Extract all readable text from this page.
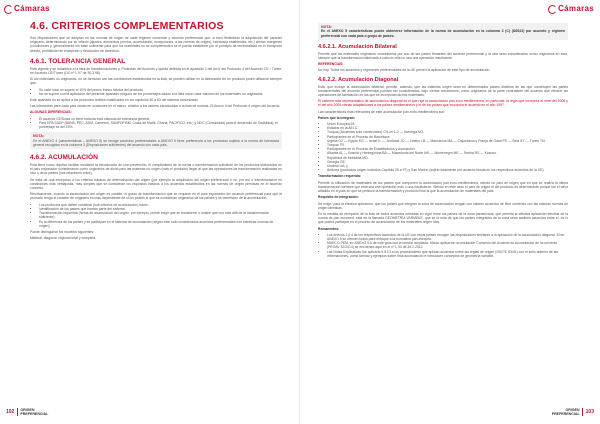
Cámaras
4.6. CRITERIOS COMPLEMENTARIOS

Son disposiciones que se adoptan en las normas de origen de cada régimen comercial y acuerdo preferencial que, si bien flexibilizan la adquisición del carácter originario, determinando por su criterio (ajustes, elementos previos, acumulación, excepciones, a las normas de origen), tolerancia establecida, etc.) ciertos márgenes (condiciones y, generalmente sin base suficiente para que los materiales no se complementen se le pueda establecer por el principio de territorialidad en el transporte directo, prohibición de excepción y devolución de derechos.

4.6.1. TOLERANCIA GENERAL

Está vigente y se establece a la lista de transformaciones y, Protectas del Acuerdo y queda definida en el apartado 2 del Art.6 del Protocolo 4 del Acuerdo CE / Túnez, en Acuerdo CE/Túnez (DO nº L 97 de 30.3.98).

Si los materiales no originarios, no se formulan con las condiciones establecidas en la lista, se pueden utilizar en la fabricación de un producto podrá utilizarse siempre que:

• Su valor total no supere el 10% del precio franco fábrica del producto.
• No se supere con la aplicación del presente apartado ninguno de los porcentajes dados a la lista como valor máximo de los materiales no originarios.

Este apartado no se aplica a los productos textiles clasificados en los capítulos 50 a 63 del sistema armonizado.

Las tolerancias para cada país varían en ocasiones en el marco, relativo a los valores introducidos a la lista de normas. El Anexo II del Protocolo 4 origen del Acuerdo.

ALGUNAS DIFERENCIAS:

• El acuerdo CE/Suiza no tiene incluida esta cláusula de tolerancia general.
• Para EPA SADP (BANS, PEC, ADM, Camerún, SANPOFISM, Costa de Marfil, Ghana, PACIFICO, etc.) y NDC (Comunidad) para el desarrollo de Sudáfrica), el porcentaje es del 15%.
NOTA:

En el ANEXO 4 (características – ANEXO 5) se recoge acuerdos preferenciales a ANEXO 5 tiene preferencia a los productos sujetos a la norma de tolerancia general recogidos en la columna 3 (Disposiciones suficientes) del acuerdo con cada país.

4.6.2. ACUMULACIÓN

Esta tiene como objetivo facilitar mediante la introducción de una prevención, el cumplimiento de la norma o transformación suficiente de los productos elaborados en el país exportador considerando como originarios de dicho país las materias no origen (más el producto) llegar al que las operaciones de transformación realizadas en otro u otros países (sus relaciones entre).

Se trata de una excepción a los criterios básicos de determinación del origen (por ejemplo la adquisición del origen preferencial o no, por así o transformación en condiciones más ventajosas, más simples que se consideran los requisitos básicos a los acuerdos establecidos en las normas de origen previstas en el acuerdo concreto.

Efectivamente, cuando la acumulación del origen es posible, el grado de transformación que se requiere en el país exportador del acuerdo preferencial para que el producto tenga el carácter de originario es más dependiente de si los países sí que se consideran originarios de los países y se beneficien de la acumulación.

• Los productos que deben combinar (sub criterios de acumulación) hacer:
• Identificación de los países que forman parte del sistema.
• Transformación requerida (forma de acumulación del origen, por ejemplo, puede exigir que se transforme o realice que nos más allá de la transformación suficiente).
• Es la diferencia de los países y se participan en el sistema de acumulación (según este sólo considerados acuerdos preferenciales con idénticas normas de origen).

Puede distinguirse los modelos siguientes:

bilateral, diagonal, regional total y completa.

102	ORIGEN
PREFERENCIAL
Cámaras
NOTA:

En el ANEXO 5 características puede obtenerse información de la norma de acumulación en la columna 3 (C) (8/2023) por acuerdo y régimen preferencial con cada país o grupo de países.

4.6.2.1. Acumulación Bilateral

Permite que los materiales originarios comunitarios por uno de las partes firmantes del acuerdo preferencial y la otra sean considerados como originarios en esta, siempre que la transformación fabricada a cabo en ella no sea una operación insuficiente.

REFERENCIAS:

No hay. Todos los acuerdos y regímenes preferenciales de la UE prevén la aplicación de este tipo de acumulación.

4.6.2.2. Acumulación Diagonal

Está, que incluye la acumulación bilateral, permite, además, que las materias origen sean en determinados países distintos de las que constituyen las partes fundamentales del acuerdo preferencial puedan ser considerados, bajo ciertas condiciones, como originarios de la parte contratante del acuerdo que efectúe las operaciones de fabricación en las que se incorporan dichos materiales.

El sistema más representativo de acumulación diagonal es el que rige la acumulación pan-euro-mediterránea, en particular, la regla que incorpora el nivel del 2005 y el del año 2005 ciertas adaptaciones a los países mediterráneos y el de los países que incorpora el acuerdo en el año 1997.

Las características más relevantes de este acumulación pan-euro-mediterránea son:

Países que la integran:

• Unión Europea 28.
• Estados en la AELC.
• Turquía (Acuerdos solo comerciales) CH-ch 1-2 — Noruega NO.
• Participantes en el Proceso de Barcelona:
• Argelia DZ — Egipto EG — Israel IL — Jordania JO — Líbano LB — Marruecos MA — Cisjordania y Franja de Gaza PS — Siria SY — Túnez TN.
• Turquía TR.
• Participantes en el Proceso de Estabilización y Asociación:
• Albania AL — Bosnia y Herzegovina BA — Macedonia del Norte MK — Montenegro ME — Serbia RS — Kosovo.
• República de Moldavia MD.
• Georgia GE.
• Ucrania UA; y
• Andorra (productos origen incluidos Capítulo 25 a 97) y San Marino (sujeto totalmente por acuerdo tienda en los respectivos acuerdos de la CE).

Transformación requerida:

Permite la utilización de materiales de los países que componen la acumulación pan-euro-mediterránea, siendo un país de origen que en que se realiza la última transformación siempre que ésta sea una operación más o una insuficiente. Siendo en este caso el país de origen el del producto es determinante porque fue el valor añadido en el país en que se produce la transformación y producto final al que la acumulación de materiales del país.

Requisito de integración:

Se exige, para la efectiva aplicación, que los países que integran la zona de acumulación tengan con valores acuerdos de libre comercio con las mismas normas de origen idénticas.

En la medida de recepción de la lista de todos acuerdos entradas en vigor entre los países de la zona panafricana, que permita la efectiva aplicación efectiva de la norma de pan-euromed, está en la llamada GEOMETRÍA VARIABLE, que se la nota de que los países integrados de la zona sean también acuerdos entre sí, es lo que podría participar en el proceso de acumulación de los materiales origen idos.

Remanentes:

• Los Anexos 2 y 4 de los respectivos acuerdos de la UE con estos países recogen las disposiciones similares a la aplicación de la acumulación diagonal. El en ANEXO 5 se ofrecen todos para enfoque a la normativa pan-europea.
• MARCO PEM, en ANEXO 5.6 de este guía con la versión ampliada. Marco aplicación acumulación Convenio del Acuerdo de Acumulación de la convenio (PEGAV 32/2014) se encuentra aquí en el nº L 54 de 26.2.2012.
• Las Notas Explicativas fue aplicado 5.5.13 a los procedimiento que aplican acuerdos sobre las reglas de origen (2007/C 83/01) con el sello anterior de las informaciones, como farmac y ejemplos sobre esta acumulación e introducen conceptos de geometría variable.
ORIGEN
PREFERENCIAL	103
